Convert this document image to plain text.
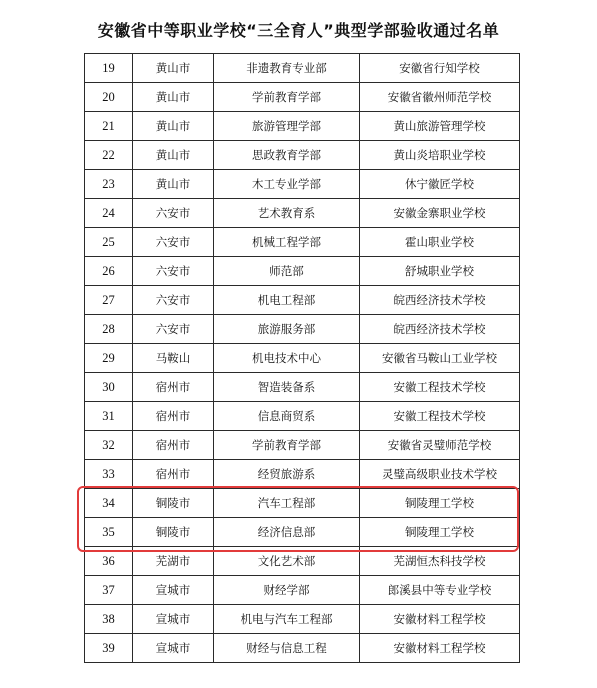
安徽省中等职业学校“三全育人”典型学部验收通过名单
19	黄山市	非遗教育专业部	安徽省行知学校
20	黄山市	学前教育学部	安徽省徽州师范学校
21	黄山市	旅游管理学部	黄山旅游管理学校
22	黄山市	思政教育学部	黄山炎培职业学校
23	黄山市	木工专业学部	休宁徽匠学校
24	六安市	艺术教育系	安徽金寨职业学校
25	六安市	机械工程学部	霍山职业学校
26	六安市	师范部	舒城职业学校
27	六安市	机电工程部	皖西经济技术学校
28	六安市	旅游服务部	皖西经济技术学校
29	马鞍山	机电技术中心	安徽省马鞍山工业学校
30	宿州市	智造装备系	安徽工程技术学校
31	宿州市	信息商贸系	安徽工程技术学校
32	宿州市	学前教育学部	安徽省灵璧师范学校
33	宿州市	经贸旅游系	灵璧高级职业技术学校
34	铜陵市	汽车工程部	铜陵理工学校
35	铜陵市	经济信息部	铜陵理工学校
36	芜湖市	文化艺术部	芜湖恒杰科技学校
37	宣城市	财经学部	郎溪县中等专业学校
38	宣城市	机电与汽车工程部	安徽材料工程学校
39	宣城市	财经与信息工程	安徽材料工程学校
